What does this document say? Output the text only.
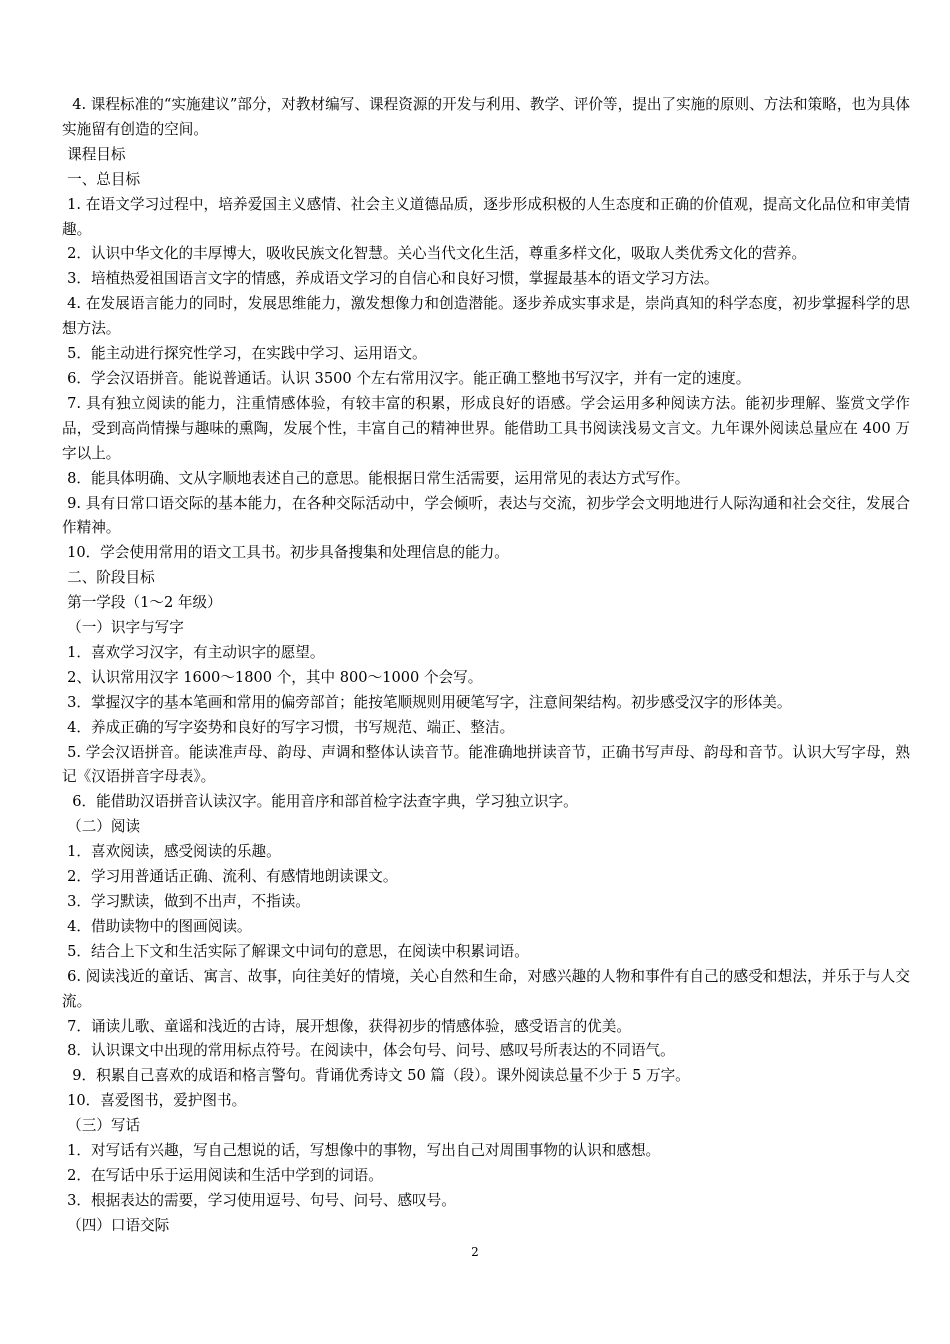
4. 课程标准的“实施建议”部分，对教材编写、课程资源的开发与利用、教学、评价等，提出了实施的原则、方法和策略，也为具体实施留有创造的空间。

课程目标

一、总目标

1. 在语文学习过程中，培养爱国主义感情、社会主义道德品质，逐步形成积极的人生态度和正确的价值观，提高文化品位和审美情趣。

2．认识中华文化的丰厚博大，吸收民族文化智慧。关心当代文化生活，尊重多样文化，吸取人类优秀文化的营养。

3．培植热爱祖国语言文字的情感，养成语文学习的自信心和良好习惯，掌握最基本的语文学习方法。

4. 在发展语言能力的同时，发展思维能力，激发想像力和创造潜能。逐步养成实事求是，崇尚真知的科学态度，初步掌握科学的思想方法。

5．能主动进行探究性学习，在实践中学习、运用语文。

6．学会汉语拼音。能说普通话。认识 3500 个左右常用汉字。能正确工整地书写汉字，并有一定的速度。

7. 具有独立阅读的能力，注重情感体验，有较丰富的积累，形成良好的语感。学会运用多种阅读方法。能初步理解、鉴赏文学作品，受到高尚情操与趣味的熏陶，发展个性，丰富自己的精神世界。能借助工具书阅读浅易文言文。九年课外阅读总量应在 400 万字以上。

8．能具体明确、文从字顺地表述自己的意思。能根据日常生活需要，运用常见的表达方式写作。

9. 具有日常口语交际的基本能力，在各种交际活动中，学会倾听，表达与交流，初步学会文明地进行人际沟通和社会交往，发展合作精神。

10．学会使用常用的语文工具书。初步具备搜集和处理信息的能力。

二、阶段目标

第一学段（1～2 年级）

（一）识字与写字

1．喜欢学习汉字，有主动识字的愿望。

2、认识常用汉字 1600～1800 个，其中 800～1000 个会写。

3．掌握汉字的基本笔画和常用的偏旁部首；能按笔顺规则用硬笔写字，注意间架结构。初步感受汉字的形体美。

4．养成正确的写字姿势和良好的写字习惯，书写规范、端正、整洁。

5. 学会汉语拼音。能读准声母、韵母、声调和整体认读音节。能准确地拼读音节，正确书写声母、韵母和音节。认识大写字母，熟记《汉语拼音字母表》。

6．能借助汉语拼音认读汉字。能用音序和部首检字法查字典，学习独立识字。

（二）阅读

1．喜欢阅读，感受阅读的乐趣。

2．学习用普通话正确、流利、有感情地朗读课文。

3．学习默读，做到不出声，不指读。

4．借助读物中的图画阅读。

5．结合上下文和生活实际了解课文中词句的意思，在阅读中积累词语。

6. 阅读浅近的童话、寓言、故事，向往美好的情境，关心自然和生命，对感兴趣的人物和事件有自己的感受和想法，并乐于与人交流。

7．诵读儿歌、童谣和浅近的古诗，展开想像，获得初步的情感体验，感受语言的优美。

8．认识课文中出现的常用标点符号。在阅读中，体会句号、问号、感叹号所表达的不同语气。

9．积累自己喜欢的成语和格言警句。背诵优秀诗文 50 篇（段）。课外阅读总量不少于 5 万字。

10．喜爱图书，爱护图书。

（三）写话

1．对写话有兴趣，写自己想说的话，写想像中的事物，写出自己对周围事物的认识和感想。

2．在写话中乐于运用阅读和生活中学到的词语。

3．根据表达的需要，学习使用逗号、句号、问号、感叹号。

（四）口语交际

2
